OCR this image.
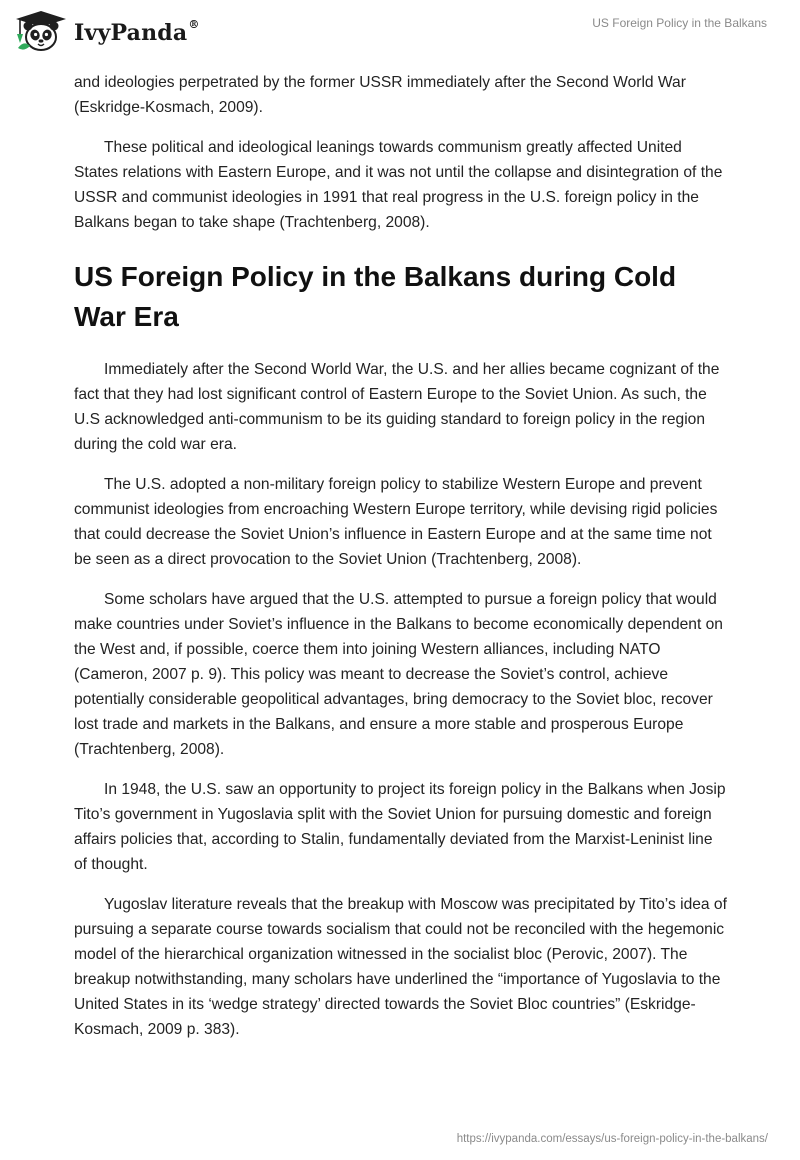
IvyPanda®	US Foreign Policy in the Balkans

and ideologies perpetrated by the former USSR immediately after the Second World War (Eskridge-Kosmach, 2009).

These political and ideological leanings towards communism greatly affected United States relations with Eastern Europe, and it was not until the collapse and disintegration of the USSR and communist ideologies in 1991 that real progress in the U.S. foreign policy in the Balkans began to take shape (Trachtenberg, 2008).

US Foreign Policy in the Balkans during Cold War Era

Immediately after the Second World War, the U.S. and her allies became cognizant of the fact that they had lost significant control of Eastern Europe to the Soviet Union. As such, the U.S acknowledged anti-communism to be its guiding standard to foreign policy in the region during the cold war era.

The U.S. adopted a non-military foreign policy to stabilize Western Europe and prevent communist ideologies from encroaching Western Europe territory, while devising rigid policies that could decrease the Soviet Union’s influence in Eastern Europe and at the same time not be seen as a direct provocation to the Soviet Union (Trachtenberg, 2008).

Some scholars have argued that the U.S. attempted to pursue a foreign policy that would make countries under Soviet’s influence in the Balkans to become economically dependent on the West and, if possible, coerce them into joining Western alliances, including NATO (Cameron, 2007 p. 9). This policy was meant to decrease the Soviet’s control, achieve potentially considerable geopolitical advantages, bring democracy to the Soviet bloc, recover lost trade and markets in the Balkans, and ensure a more stable and prosperous Europe (Trachtenberg, 2008).

In 1948, the U.S. saw an opportunity to project its foreign policy in the Balkans when Josip Tito’s government in Yugoslavia split with the Soviet Union for pursuing domestic and foreign affairs policies that, according to Stalin, fundamentally deviated from the Marxist-Leninist line of thought.

Yugoslav literature reveals that the breakup with Moscow was precipitated by Tito’s idea of pursuing a separate course towards socialism that could not be reconciled with the hegemonic model of the hierarchical organization witnessed in the socialist bloc (Perovic, 2007). The breakup notwithstanding, many scholars have underlined the “importance of Yugoslavia to the United States in its ‘wedge strategy’ directed towards the Soviet Bloc countries” (Eskridge-Kosmach, 2009 p. 383).

https://ivypanda.com/essays/us-foreign-policy-in-the-balkans/
